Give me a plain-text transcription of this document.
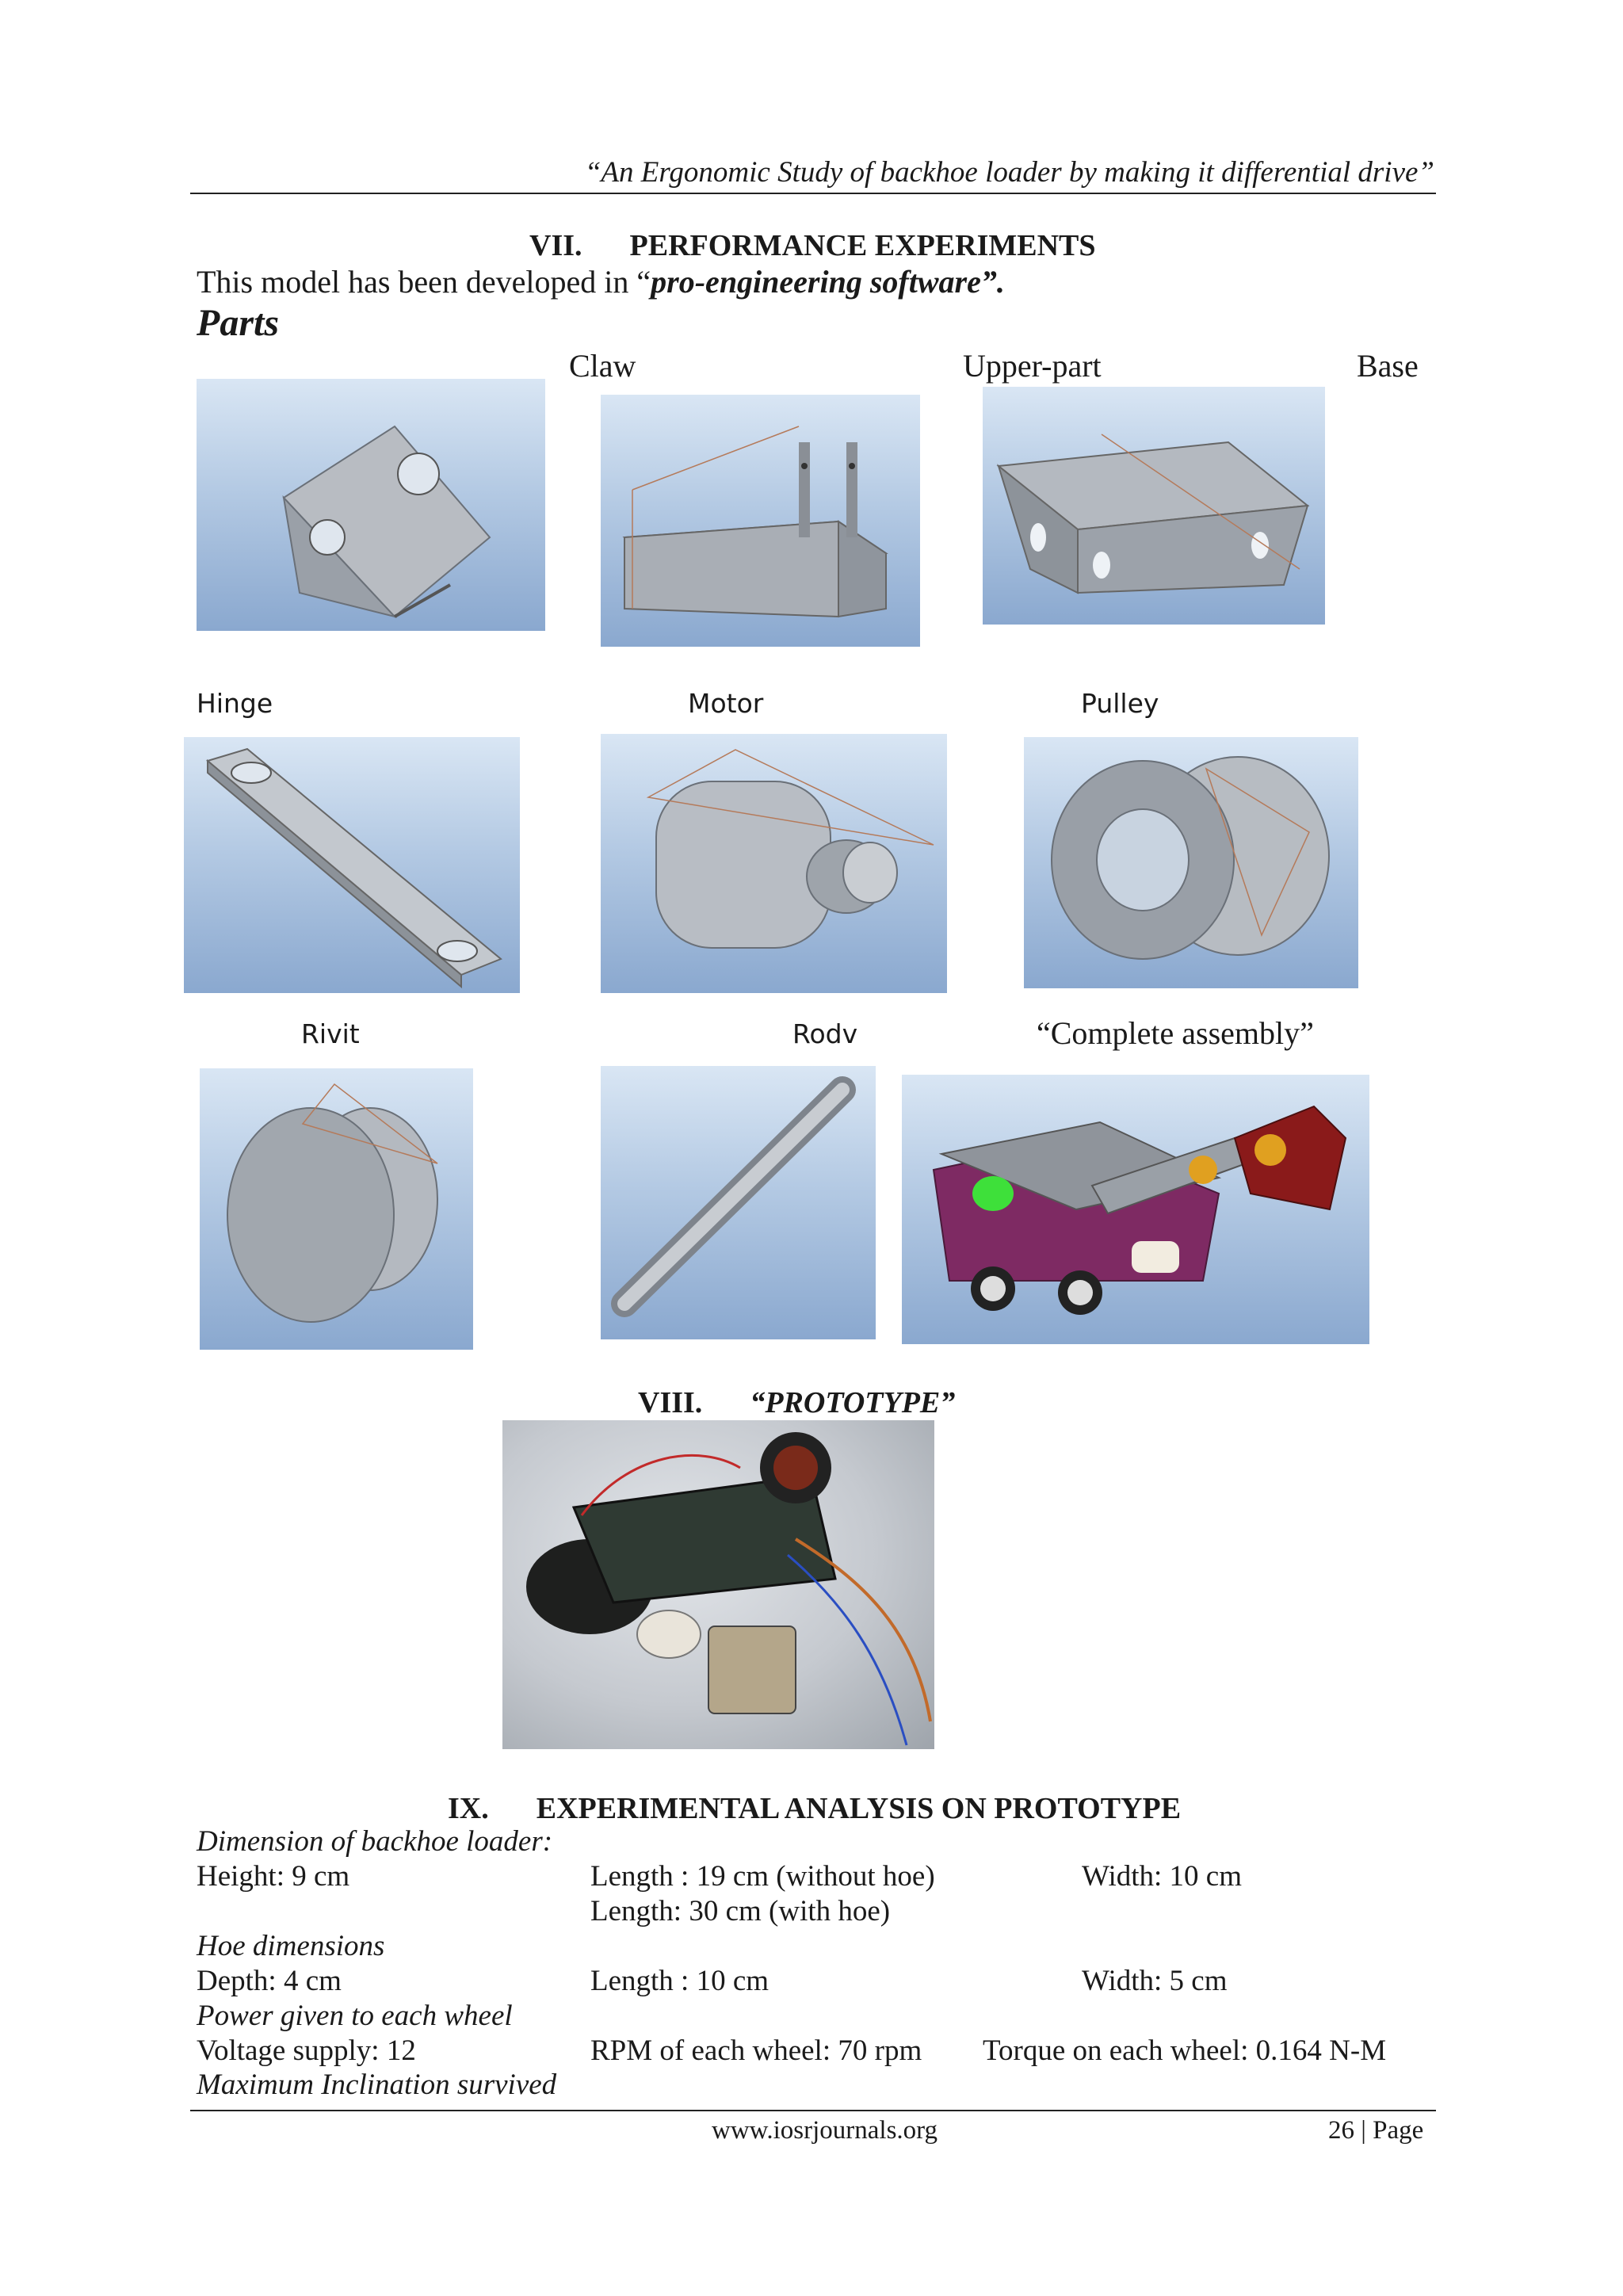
“An Ergonomic Study of backhoe loader by making it differential drive”
VII. PERFORMANCE EXPERIMENTS
This model has been developed in “pro-engineering software”.
Parts
Claw	Upper-part	Base
Hinge	Motor	Pulley
Rivit	Rodv	“Complete assembly”
VIII. “PROTOTYPE”
IX. EXPERIMENTAL ANALYSIS ON PROTOTYPE
Dimension of backhoe loader:
Height: 9 cm	Length : 19 cm (without hoe)	Width: 10 cm
Length: 30 cm (with hoe)
Hoe dimensions
Depth: 4 cm	Length : 10 cm	Width: 5 cm
Power given to each wheel
Voltage supply: 12	RPM of each wheel: 70 rpm Torque on each wheel: 0.164 N-M
Maximum Inclination survived
www.iosrjournals.org	26 | Page
